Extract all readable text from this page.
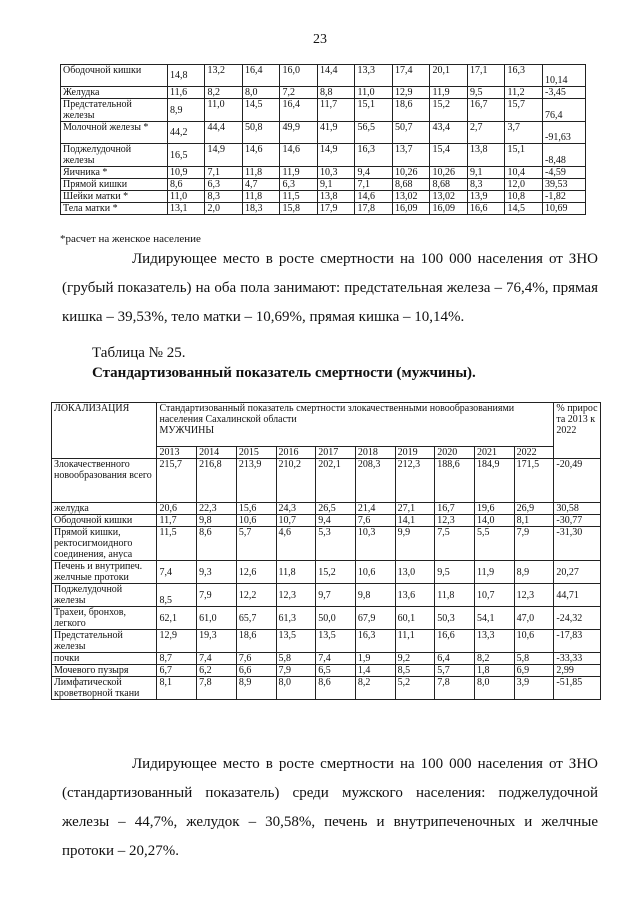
23
Ободочной кишки	14,8	13,2	16,4	16,0	14,4	13,3	17,4	20,1	17,1	16,3	10,14
Желудка	11,6	8,2	8,0	7,2	8,8	11,0	12,9	11,9	9,5	11,2	-3,45
Предстательной железы	8,9	11,0	14,5	16,4	11,7	15,1	18,6	15,2	16,7	15,7	76,4
Молочной железы *	44,2	44,4	50,8	49,9	41,9	56,5	50,7	43,4	2,7	3,7	-91,63
Поджелудочной железы	16,5	14,9	14,6	14,6	14,9	16,3	13,7	15,4	13,8	15,1	-8,48
Яичника *	10,9	7,1	11,8	11,9	10,3	9,4	10,26	10,26	9,1	10,4	-4,59
Прямой кишки	8,6	6,3	4,7	6,3	9,1	7,1	8,68	8,68	8,3	12,0	39,53
Шейки матки *	11,0	8,3	11,8	11,5	13,8	14,6	13,02	13,02	13,9	10,8	-1,82
Тела матки *	13,1	2,0	18,3	15,8	17,9	17,8	16,09	16,09	16,6	14,5	10,69
*расчет на женское население
Лидирующее место в росте смертности на 100 000 населения от ЗНО (грубый показатель) на оба пола занимают: предстательная железа – 76,4%, прямая кишка – 39,53%, тело матки – 10,69%, прямая кишка – 10,14%.
Таблица № 25.
Стандартизованный показатель смертности (мужчины).
ЛОКАЛИЗАЦИЯ	Стандартизованный показатель смертности злокачественными новообразованиями населения Сахалинской области										% прирос та 2013 к 2022
	МУЖЧИНЫ										
	2013	2014	2015	2016	2017	2018	2019	2020	2021	2022	
Злокачественного новообразования всего	215,7	216,8	213,9	210,2	202,1	208,3	212,3	188,6	184,9	171,5	-20,49
желудка	20,6	22,3	15,6	24,3	26,5	21,4	27,1	16,7	19,6	26,9	30,58
Ободочной кишки	11,7	9,8	10,6	10,7	9,4	7,6	14,1	12,3	14,0	8,1	-30,77
Прямой кишки, ректосигмоидного соединения, ануса	11,5	8,6	5,7	4,6	5,3	10,3	9,9	7,5	5,5	7,9	-31,30
Печень и внутрипеч. желчные протоки	7,4	9,3	12,6	11,8	15,2	10,6	13,0	9,5	11,9	8,9	20,27
Поджелудочной железы	8,5	7,9	12,2	12,3	9,7	9,8	13,6	11,8	10,7	12,3	44,71
Трахеи, бронхов, легкого	62,1	61,0	65,7	61,3	50,0	67,9	60,1	50,3	54,1	47,0	-24,32
Предстательной железы	12,9	19,3	18,6	13,5	13,5	16,3	11,1	16,6	13,3	10,6	-17,83
почки	8,7	7,4	7,6	5,8	7,4	1,9	9,2	6,4	8,2	5,8	-33,33
Мочевого пузыря	6,7	6,2	6,6	7,9	6,5	1,4	8,5	5,7	1,8	6,9	2,99
Лимфатической кроветворной ткани	8,1	7,8	8,9	8,0	8,6	8,2	5,2	7,8	8,0	3,9	-51,85
Лидирующее место в росте смертности на 100 000 населения от ЗНО (стандартизованный показатель) среди мужского населения: поджелудочной железы – 44,7%, желудок – 30,58%, печень и внутрипеченочных и желчные протоки – 20,27%.
